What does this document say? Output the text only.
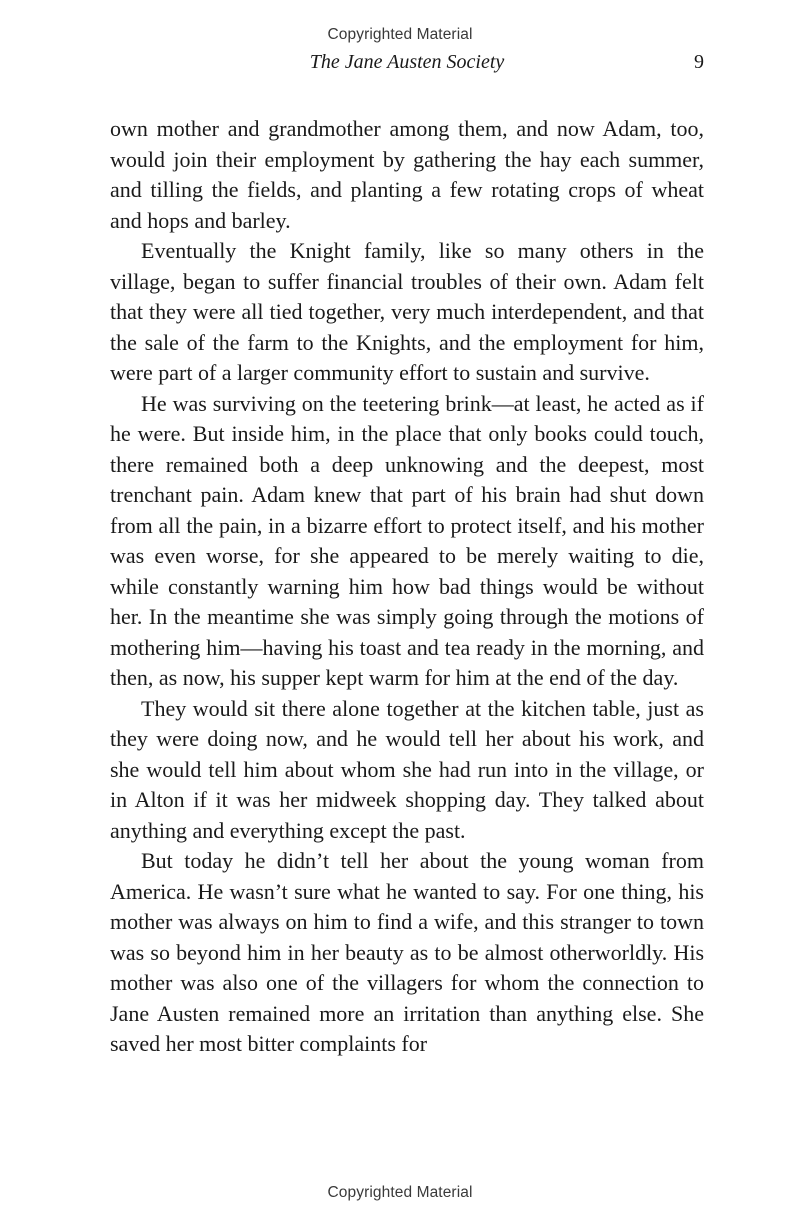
Copyrighted Material
The Jane Austen Society	9

own mother and grandmother among them, and now Adam, too, would join their employment by gathering the hay each summer, and tilling the fields, and planting a few rotating crops of wheat and hops and barley.

Eventually the Knight family, like so many others in the village, began to suffer financial troubles of their own. Adam felt that they were all tied together, very much interdependent, and that the sale of the farm to the Knights, and the employment for him, were part of a larger community effort to sustain and survive.

He was surviving on the teetering brink—at least, he acted as if he were. But inside him, in the place that only books could touch, there remained both a deep unknowing and the deepest, most trenchant pain. Adam knew that part of his brain had shut down from all the pain, in a bizarre effort to protect itself, and his mother was even worse, for she appeared to be merely waiting to die, while constantly warning him how bad things would be without her. In the meantime she was simply going through the motions of mothering him—having his toast and tea ready in the morning, and then, as now, his supper kept warm for him at the end of the day.

They would sit there alone together at the kitchen table, just as they were doing now, and he would tell her about his work, and she would tell him about whom she had run into in the village, or in Alton if it was her midweek shopping day. They talked about anything and everything except the past.

But today he didn’t tell her about the young woman from America. He wasn’t sure what he wanted to say. For one thing, his mother was always on him to find a wife, and this stranger to town was so beyond him in her beauty as to be almost otherworldly. His mother was also one of the villagers for whom the connection to Jane Austen remained more an irritation than anything else. She saved her most bitter complaints for

Copyrighted Material
